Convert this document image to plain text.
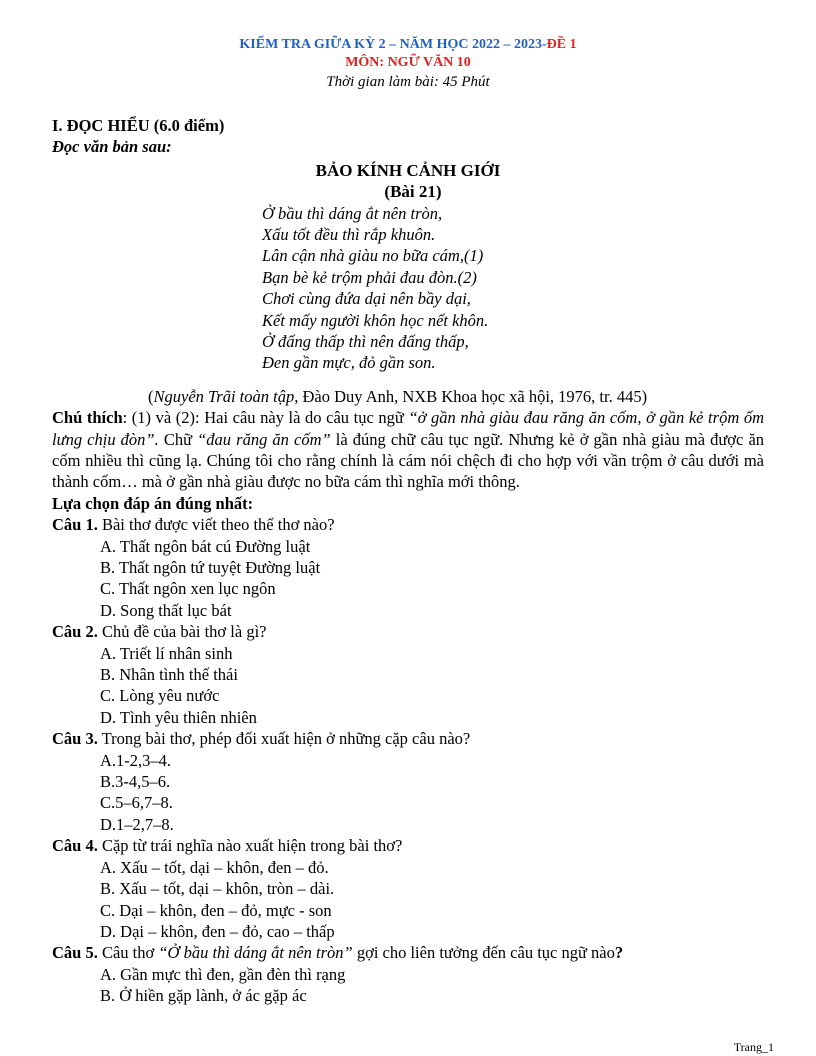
KIỂM TRA GIỮA KỲ 2 – NĂM HỌC 2022 – 2023-ĐỀ 1
MÔN: NGỮ VĂN 10
Thời gian làm bài: 45 Phút
I. ĐỌC HIỂU (6.0 điểm)
Đọc văn bản sau:
BẢO KÍNH CẢNH GIỚI
(Bài 21)
Ở bầu thì dáng ắt nên tròn,
Xấu tốt đều thì rắp khuôn.
Lân cận nhà giàu no bữa cám,(1)
Bạn bè kẻ trộm phải đau đòn.(2)
Chơi cùng đứa dại nên bầy dại,
Kết mấy người khôn học nết khôn.
Ở đấng thấp thì nên đấng thấp,
Đen gần mực, đỏ gần son.
(Nguyễn Trãi toàn tập, Đào Duy Anh, NXB Khoa học xã hội, 1976, tr. 445)
Chú thích: (1) và (2): Hai câu này là do câu tục ngữ “ở gần nhà giàu đau răng ăn cốm, ở gần kẻ trộm ốm lưng chịu đòn”. Chữ “đau răng ăn cốm” là đúng chữ câu tục ngữ. Nhưng kẻ ở gần nhà giàu mà được ăn cốm nhiều thì cũng lạ. Chúng tôi cho rằng chính là cám nói chệch đi cho hợp với vần trộm ở câu dưới mà thành cốm… mà ở gần nhà giàu được no bữa cám thì nghĩa mới thông.
Lựa chọn đáp án đúng nhất:
Câu 1. Bài thơ được viết theo thể thơ nào?
A. Thất ngôn bát cú Đường luật
B. Thất ngôn tứ tuyệt Đường luật
C. Thất ngôn xen lục ngôn
D. Song thất lục bát
Câu 2. Chủ đề của bài thơ là gì?
A. Triết lí nhân sinh
B. Nhân tình thế thái
C. Lòng yêu nước
D. Tình yêu thiên nhiên
Câu 3. Trong bài thơ, phép đối xuất hiện ở những cặp câu nào?
A.1-2,3–4.
B.3-4,5–6.
C.5–6,7–8.
D.1–2,7–8.
Câu 4. Cặp từ trái nghĩa nào xuất hiện trong bài thơ?
A. Xấu – tốt, dại – khôn, đen – đỏ.
B. Xấu – tốt, dại – khôn, tròn – dài.
C. Dại – khôn, đen – đỏ, mực - son
D. Dại – khôn, đen – đỏ, cao – thấp
Câu 5. Câu thơ “Ở bầu thì dáng ắt nên tròn” gợi cho liên tưởng đến câu tục ngữ nào?
A. Gần mực thì đen, gần đèn thì rạng
B. Ở hiền gặp lành, ở ác gặp ác
Trang_1
